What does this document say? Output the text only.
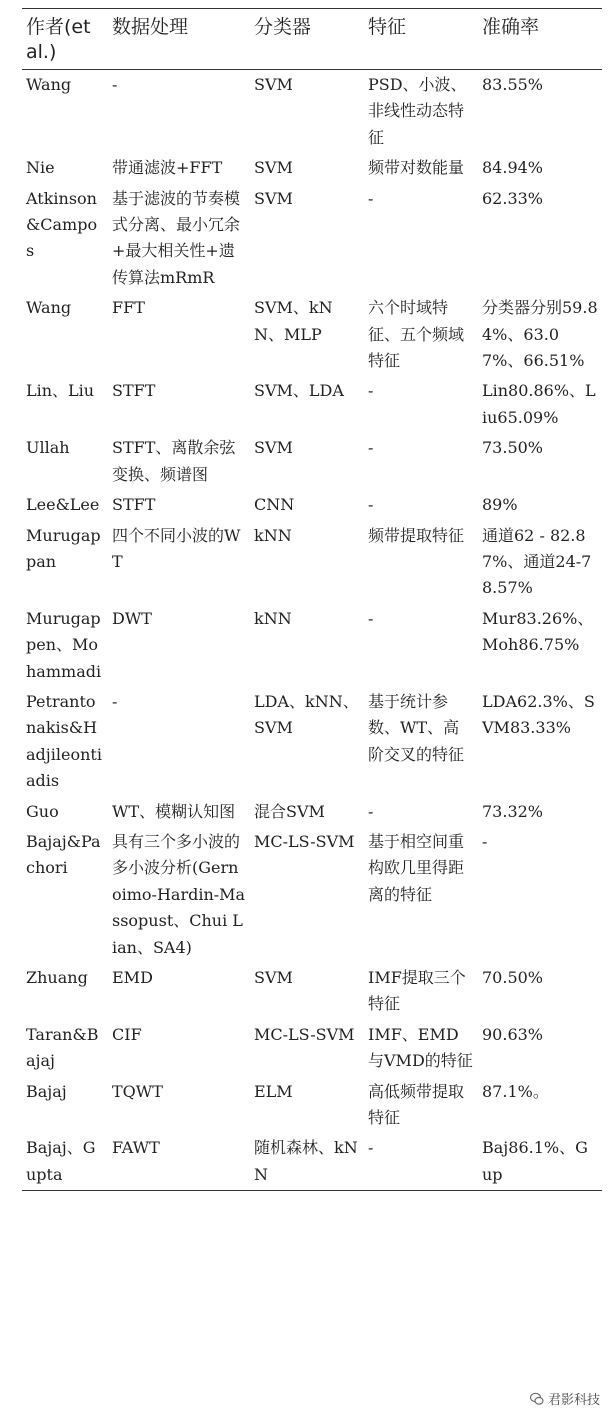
作者(et al.)	数据处理	分类器	特征	准确率
Wang	-	SVM	PSD、小波、非线性动态特征	83.55%
Nie	带通滤波+FFT	SVM	频带对数能量	84.94%
Atkinson&Campos	基于滤波的节奏模式分离、最小冗余+最大相关性+遗传算法mRmR	SVM	-	62.33%
Wang	FFT	SVM、kNN、MLP	六个时域特征、五个频域特征	分类器分别59.84%、63.07%、66.51%
Lin、Liu	STFT	SVM、LDA	-	Lin80.86%、Liu65.09%
Ullah	STFT、离散余弦变换、频谱图	SVM	-	73.50%
Lee&Lee	STFT	CNN	-	89%
Murugappan	四个不同小波的WT	kNN	频带提取特征	通道62 - 82.87%、通道24-78.57%
Murugappen、Mohammadi	DWT	kNN	-	Mur83.26%、Moh86.75%
Petrantonakis&Hadjileontiadis	-	LDA、kNN、SVM	基于统计参数、WT、高阶交叉的特征	LDA62.3%、SVM83.33%
Guo	WT、模糊认知图	混合SVM	-	73.32%
Bajaj&Pachori	具有三个多小波的多小波分析(Gernoimo-Hardin-Massopust、Chui Lian、SA4)	MC-LS-SVM	基于相空间重构欧几里得距离的特征	-
Zhuang	EMD	SVM	IMF提取三个特征	70.50%
Taran&Bajaj	CIF	MC-LS-SVM	IMF、EMD与VMD的特征	90.63%
Bajaj	TQWT	ELM	高低频带提取特征	87.1%。
Bajaj、Gupta	FAWT	随机森林、kNN	-	Baj86.1%、Gup
君影科技
